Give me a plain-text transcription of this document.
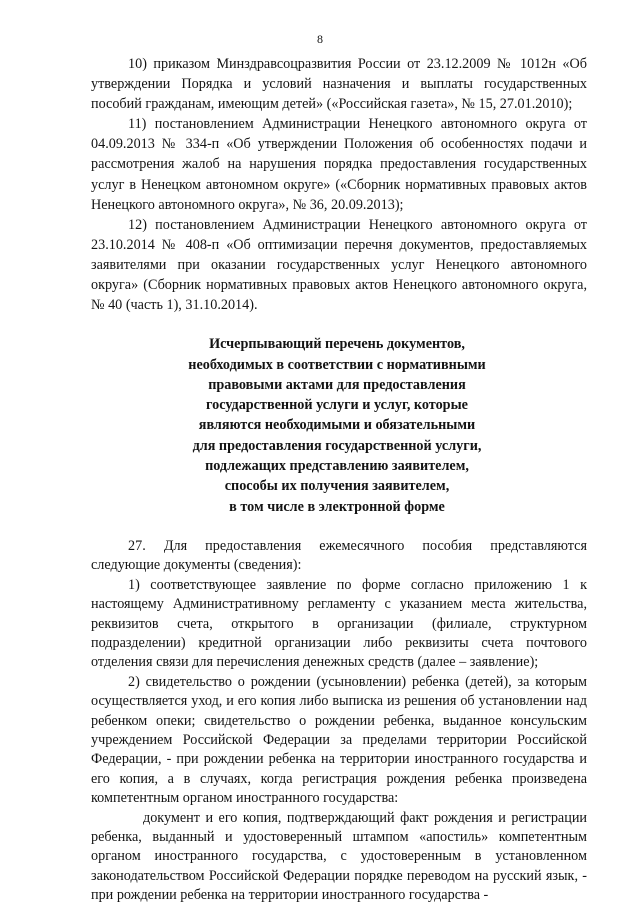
8

10) приказом Минздравсоцразвития России от 23.12.2009 № 1012н «Об утверждении Порядка и условий назначения и выплаты государственных пособий гражданам, имеющим детей» («Российская газета», № 15, 27.01.2010);

11) постановлением Администрации Ненецкого автономного округа от 04.09.2013 № 334-п «Об утверждении Положения об особенностях подачи и рассмотрения жалоб на нарушения порядка предоставления государственных услуг в Ненецком автономном округе» («Сборник нормативных правовых актов Ненецкого автономного округа», № 36, 20.09.2013);

12) постановлением Администрации Ненецкого автономного округа от 23.10.2014 № 408-п «Об оптимизации перечня документов, предоставляемых заявителями при оказании государственных услуг Ненецкого автономного округа» (Сборник нормативных правовых актов Ненецкого автономного округа, № 40 (часть 1), 31.10.2014).

Исчерпывающий перечень документов,
необходимых в соответствии с нормативными
правовыми актами для предоставления
государственной услуги и услуг, которые
являются необходимыми и обязательными
для предоставления государственной услуги,
подлежащих представлению заявителем,
способы их получения заявителем,
в том числе в электронной форме

27. Для предоставления ежемесячного пособия представляются следующие документы (сведения):

1) соответствующее заявление по форме согласно приложению 1 к настоящему Административному регламенту с указанием места жительства, реквизитов счета, открытого в организации (филиале, структурном подразделении) кредитной организации либо реквизиты счета почтового отделения связи для перечисления денежных средств (далее – заявление);

2) свидетельство о рождении (усыновлении) ребенка (детей), за которым осуществляется уход, и его копия либо выписка из решения об установлении над ребенком опеки; свидетельство о рождении ребенка, выданное консульским учреждением Российской Федерации за пределами территории Российской Федерации, - при рождении ребенка на территории иностранного государства и его копия, а в случаях, когда регистрация рождения ребенка произведена компетентным органом иностранного государства:

документ и его копия, подтверждающий факт рождения и регистрации ребенка, выданный и удостоверенный штампом «апостиль» компетентным органом иностранного государства, с удостоверенным в установленном законодательством Российской Федерации порядке переводом на русский язык, - при рождении ребенка на территории иностранного государства -
